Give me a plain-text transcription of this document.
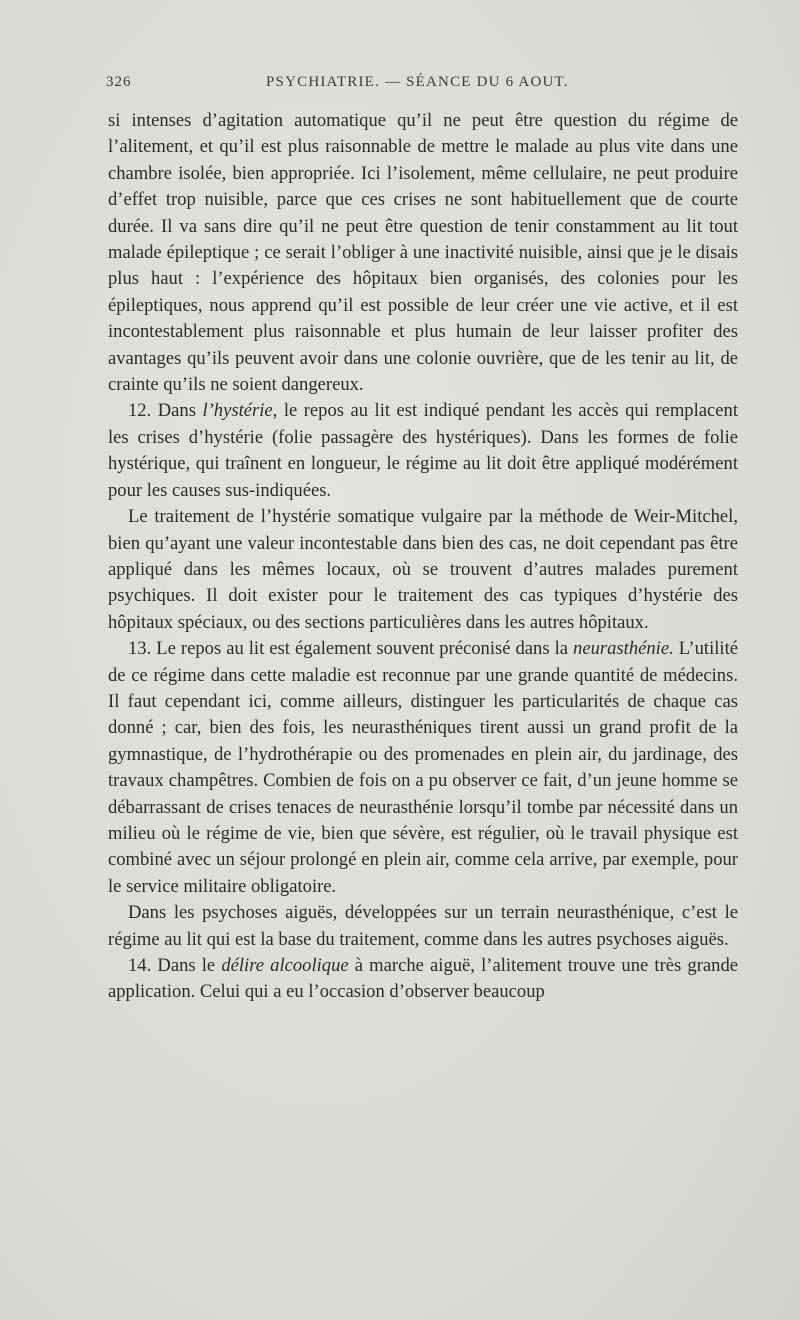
326	PSYCHIATRIE. — SÉANCE DU 6 AOUT.

si intenses d’agitation automatique qu’il ne peut être question du régime de l’alitement, et qu’il est plus raisonnable de mettre le malade au plus vite dans une chambre isolée, bien appropriée. Ici l’isolement, même cellulaire, ne peut produire d’effet trop nuisible, parce que ces crises ne sont habituellement que de courte durée. Il va sans dire qu’il ne peut être question de tenir constamment au lit tout malade épileptique ; ce serait l’obliger à une inactivité nuisible, ainsi que je le disais plus haut : l’expérience des hôpitaux bien organisés, des colonies pour les épileptiques, nous apprend qu’il est possible de leur créer une vie active, et il est incontestablement plus raisonnable et plus humain de leur laisser profiter des avantages qu’ils peuvent avoir dans une colonie ouvrière, que de les tenir au lit, de crainte qu’ils ne soient dangereux.

12. Dans l’hystérie, le repos au lit est indiqué pendant les accès qui remplacent les crises d’hystérie (folie passagère des hystériques). Dans les formes de folie hystérique, qui traînent en longueur, le régime au lit doit être appliqué modérément pour les causes sus-indiquées.

Le traitement de l’hystérie somatique vulgaire par la méthode de Weir-Mitchel, bien qu’ayant une valeur incontestable dans bien des cas, ne doit cependant pas être appliqué dans les mêmes locaux, où se trouvent d’autres malades purement psychiques. Il doit exister pour le traitement des cas typiques d’hystérie des hôpitaux spéciaux, ou des sections particulières dans les autres hôpitaux.

13. Le repos au lit est également souvent préconisé dans la neurasthénie. L’utilité de ce régime dans cette maladie est reconnue par une grande quantité de médecins. Il faut cependant ici, comme ailleurs, distinguer les particularités de chaque cas donné ; car, bien des fois, les neurasthéniques tirent aussi un grand profit de la gymnastique, de l’hydrothérapie ou des promenades en plein air, du jardinage, des travaux champêtres. Combien de fois on a pu observer ce fait, d’un jeune homme se débarrassant de crises tenaces de neurasthénie lorsqu’il tombe par nécessité dans un milieu où le régime de vie, bien que sévère, est régulier, où le travail physique est combiné avec un séjour prolongé en plein air, comme cela arrive, par exemple, pour le service militaire obligatoire.

Dans les psychoses aiguës, développées sur un terrain neurasthénique, c’est le régime au lit qui est la base du traitement, comme dans les autres psychoses aiguës.

14. Dans le délire alcoolique à marche aiguë, l’alitement trouve une très grande application. Celui qui a eu l’occasion d’observer beaucoup
